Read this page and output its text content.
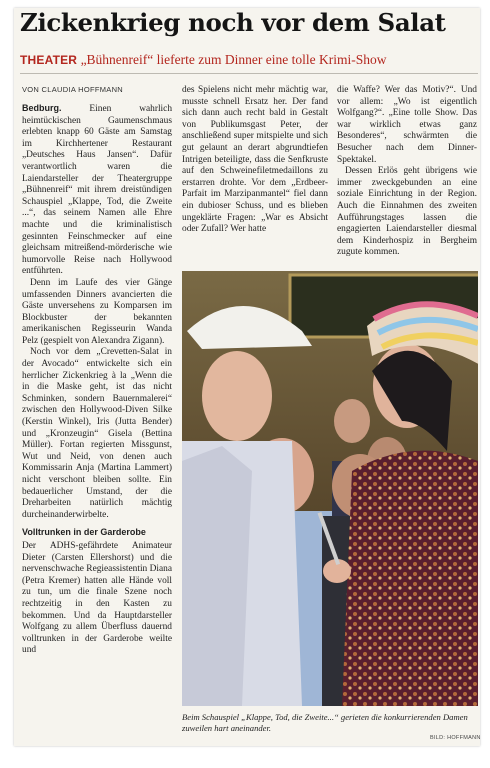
Zickenkrieg noch vor dem Salat
THEATER „Bühnenreif“ lieferte zum Dinner eine tolle Krimi-Show
VON CLAUDIA HOFFMANN

Bedburg.	Einen wahrlich heimtückischen Gaumenschmaus erlebten knapp 60 Gäste am Samstag im Kirchhertener Restaurant „Deutsches Haus Jansen“. Dafür verantwortlich waren die Laiendarsteller der Theatergruppe „Bühnenreif“ mit ihrem dreistündigen Schauspiel „Klappe, Tod, die Zweite ...“, das seinem Namen alle Ehre machte und die kriminalistisch gesinnten Feinschmecker auf eine gleichsam mitreißend-mörderische wie humorvolle Reise nach Hollywood entführten.

Denn im Laufe des vier Gänge umfassenden Dinners avancierten die Gäste unversehens zu Komparsen im Blockbuster der bekannten amerikanischen Regisseurin Wanda Pelz (gespielt von Alexandra Zigann).

Noch vor dem „Crevetten-Salat in der Avocado“ entwickelte sich ein herrlicher Zickenkrieg à la „Wenn die in die Maske geht, ist das nicht Schminken, sondern Bauernmalerei“ zwischen den Hollywood-Diven Silke (Kerstin Winkel), Iris (Jutta Bender) und „Kronzeugin“ Gisela (Bettina Müller). Fortan regierten Missgunst, Wut und Neid, von denen auch Kommissarin Anja (Martina Lammert) nicht verschont bleiben sollte. Ein bedauerlicher Umstand, der die Dreharbeiten natürlich mächtig durcheinanderwirbelte.

Volltrunken in der Garderobe

Der ADHS-gefährdete Animateur Dieter (Carsten Ellershorst) und die nervenschwache Regieassistentin Diana (Petra Kremer) hatten alle Hände voll zu tun, um die finale Szene noch rechtzeitig in den Kasten zu bekommen. Und da Hauptdarsteller Wolfgang zu allem Überfluss dauernd volltrunken in der Garderobe weilte und

des Spielens nicht mehr mächtig war, musste schnell Ersatz her. Der fand sich dann auch recht bald in Gestalt von Publikumsgast Peter, der anschließend super mitspielte und sich gut gelaunt an derart abgrundtiefen Intrigen beteiligte, dass die Senfkruste auf den Schweinefiletmedaillons zu erstarren drohte. Vor dem „Erdbeer-Parfait im Marzipanmantel“ fiel dann ein dubioser Schuss, und es blieben ungeklärte Fragen: „War es Absicht oder Zufall? Wer hatte

die Waffe? Wer das Motiv?“. Und vor allem: „Wo ist eigentlich Wolfgang?“. „Eine tolle Show. Das war wirklich etwas ganz Besonderes“, schwärmten die Besucher nach dem Dinner-Spektakel.

Dessen Erlös geht übrigens wie immer zweckgebunden an eine soziale Einrichtung in der Region. Auch die Einnahmen des zweiten Aufführungstages lassen die engagierten Laiendarsteller diesmal dem Kinderhospiz in Bergheim zugute kommen.

Beim Schauspiel „Klappe, Tod, die Zweite...“ gerieten die konkurrierenden Damen zuweilen hart aneinander.
BILD: HOFFMANN
